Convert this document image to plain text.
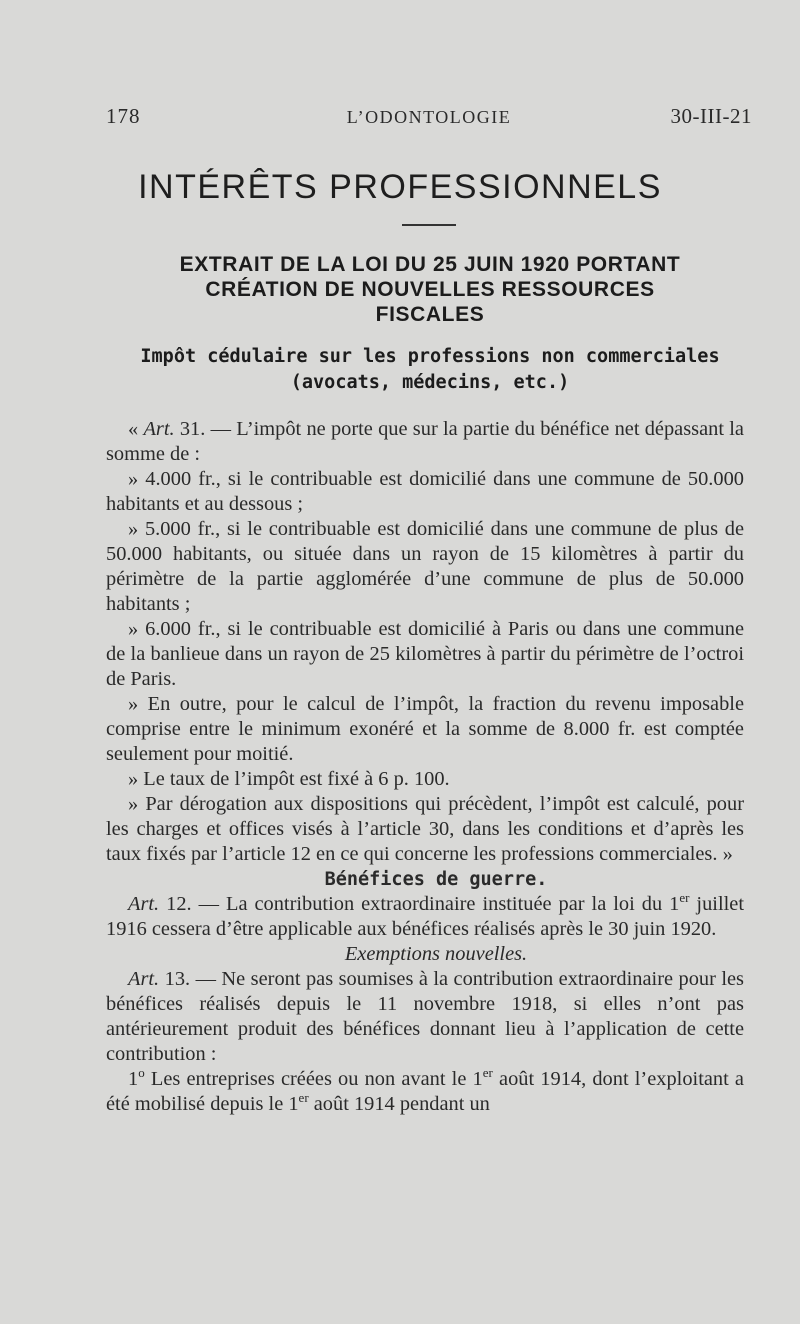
178	L’ODONTOLOGIE	30-III-21
INTÉRÊTS PROFESSIONNELS
EXTRAIT DE LA LOI DU 25 JUIN 1920 PORTANT
CRÉATION DE NOUVELLES RESSOURCES
FISCALES
Impôt cédulaire sur les professions non commerciales
(avocats, médecins, etc.)

« Art. 31. — L’impôt ne porte que sur la partie du bénéfice net dépassant la somme de :

» 4.000 fr., si le contribuable est domicilié dans une commune de 50.000 habitants et au dessous ;

» 5.000 fr., si le contribuable est domicilié dans une commune de plus de 50.000 habitants, ou située dans un rayon de 15 kilomètres à partir du périmètre de la partie agglomérée d’une commune de plus de 50.000 habitants ;

» 6.000 fr., si le contribuable est domicilié à Paris ou dans une commune de la banlieue dans un rayon de 25 kilomètres à partir du périmètre de l’octroi de Paris.

» En outre, pour le calcul de l’impôt, la fraction du revenu imposable comprise entre le minimum exonéré et la somme de 8.000 fr. est comptée seulement pour moitié.

» Le taux de l’impôt est fixé à 6 p. 100.

» Par dérogation aux dispositions qui précèdent, l’impôt est calculé, pour les charges et offices visés à l’article 30, dans les conditions et d’après les taux fixés par l’article 12 en ce qui concerne les professions commerciales. »

Bénéfices de guerre.

Art. 12. — La contribution extraordinaire instituée par la loi du 1er juillet 1916 cessera d’être applicable aux bénéfices réalisés après le 30 juin 1920.

Exemptions nouvelles.

Art. 13. — Ne seront pas soumises à la contribution extraordinaire pour les bénéfices réalisés depuis le 11 novembre 1918, si elles n’ont pas antérieurement produit des bénéfices donnant lieu à l’application de cette contribution :

1$^o$ Les entreprises créées ou non avant le 1er août 1914, dont l’exploitant a été mobilisé depuis le 1er août 1914 pendant un
